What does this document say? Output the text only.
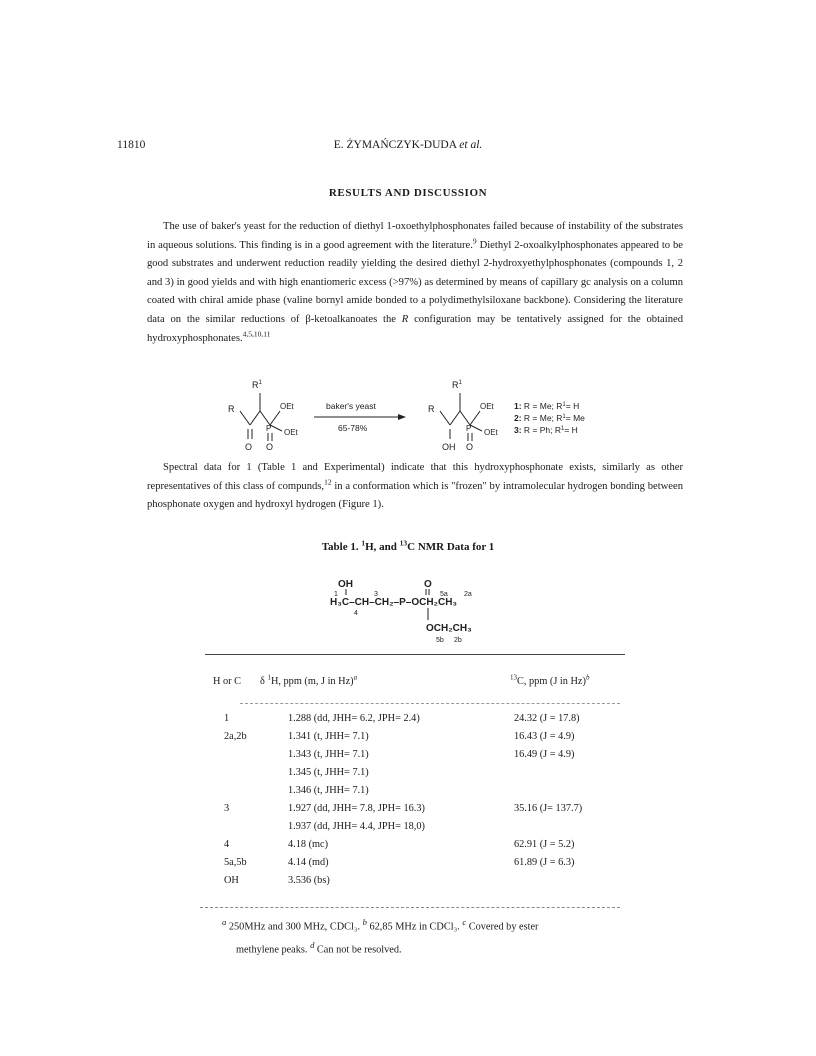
11810	E. ŻYMAŃCZYK-DUDA et al.
RESULTS AND DISCUSSION
The use of baker's yeast for the reduction of diethyl 1-oxoethylphosphonates failed because of instability of the substrates in aqueous solutions. This finding is in a good agreement with the literature.$^9$ Diethyl 2-oxoalkylphosphonates appeared to be good substrates and underwent reduction readily yielding the desired diethyl 2-hydroxyethylphosphonates (compounds 1, 2 and 3) in good yields and with high enantiomeric excess (>97%) as determined by means of capillary gc analysis on a column coated with chiral amide phase (valine bornyl amide bonded to a polydimethylsiloxane backbone). Considering the literature data on the similar reductions of β-ketoalkanoates the R configuration may be tentatively assigned for the obtained hydroxyphosphonates.$^{4,5,10,11}$
$R^1$
R	OEt
P OEt
O O
baker's yeast
65-78%
$R^1$
R	OEt
P OEt
OH O
1: R = Me; $R^1= H$
2: R = Me; $R^1= Me$
3: R = Ph; $R^1= H$
Spectral data for 1 (Table 1 and Experimental) indicate that this hydroxyphosphonate exists, similarly as other representatives of this class of compunds,$^{12}$ in a conformation which is "frozen" by intramolecular hydrogen bonding between phosphonate oxygen and hydroxyl hydrogen (Figure 1).
Table 1. $^1$H, and $^{13}$C NMR Data for 1
OH	O
H₃C–CH–CH₂–P–OCH₂CH₃
OCH₂CH₃
1	3	5a 2a
4
5b 2b
H or C δ $^1$H, ppm (m, J in Hz)$^a$	$^{13}$C, ppm (J in Hz)$^b$
1	1.288 (dd, JHH= 6.2, JPH= 2.4)	24.32 (J = 17.8)
2a,2b	1.341 (t, JHH= 7.1)	16.43 (J = 4.9)
1.343 (t, JHH= 7.1)	16.49 (J = 4.9)
1.345 (t, JHH= 7.1)
1.346 (t, JHH= 7.1)
3	1.927 (dd, JHH= 7.8, JPH= 16.3)	35.16 (J= 137.7)
1.937 (dd, JHH= 4.4, JPH= 18,0)
4	4.18 (mc)	62.91 (J = 5.2)
5a,5b	4.14 (md)	61.89 (J = 6.3)
OH	3.536 (bs)
$^a$ 250MHz and 300 MHz, CDCl₃. $^b$ 62,85 MHz in CDCl₃. $^c$ Covered by ester
methylene peaks. $^d$ Can not be resolved.
